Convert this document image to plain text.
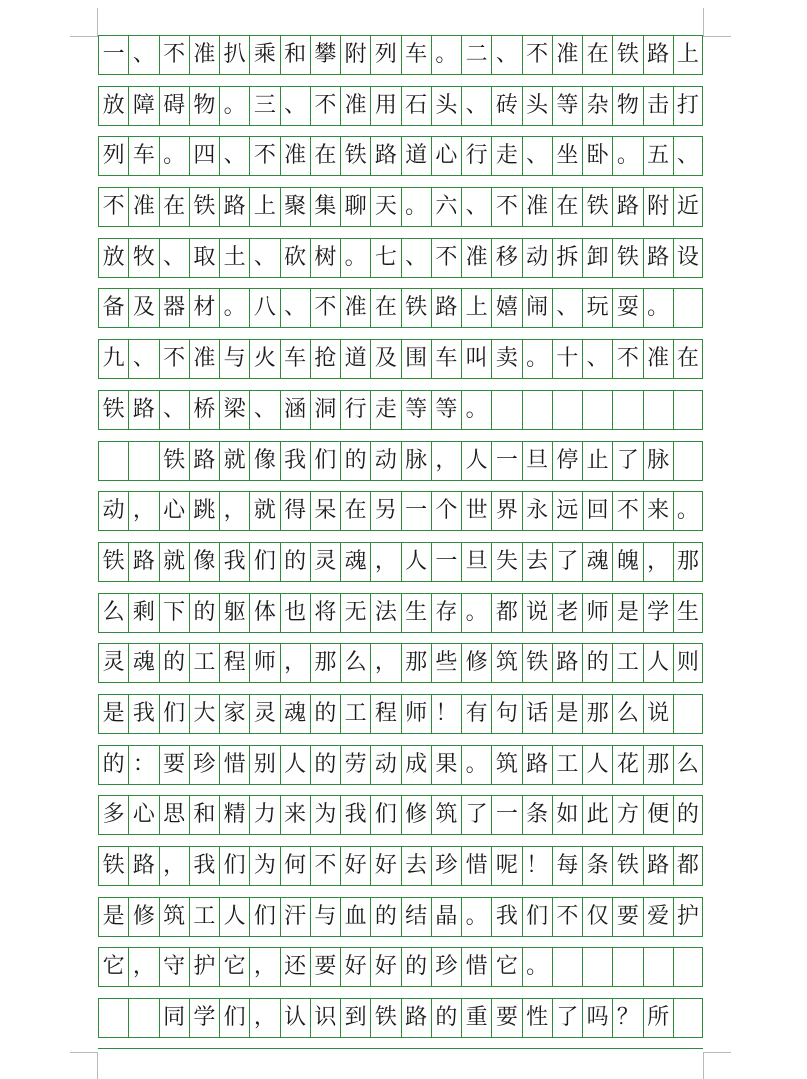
一 、 不 准 扒 乘 和 攀 附 列 车 。 二 、 不 准 在 铁 路 上
放 障 碍 物 。 三 、 不 准 用 石 头 、 砖 头 等 杂 物 击 打
列 车 。 四 、 不 准 在 铁 路 道 心 行 走 、 坐 卧 。 五 、
不 准 在 铁 路 上 聚 集 聊 天 。 六 、 不 准 在 铁 路 附 近
放 牧 、 取 土 、 砍 树 。 七 、 不 准 移 动 拆 卸 铁 路 设
备 及 器 材 。 八 、 不 准 在 铁 路 上 嬉 闹 、 玩 耍 。
九 、 不 准 与 火 车 抢 道 及 围 车 叫 卖 。 十 、 不 准 在
铁 路 、 桥 梁 、 涵 洞 行 走 等 等 。
铁 路 就 像 我 们 的 动 脉 ， 人 一 旦 停 止 了 脉
动 ， 心 跳 ， 就 得 呆 在 另 一 个 世 界 永 远 回 不 来 。
铁 路 就 像 我 们 的 灵 魂 ， 人 一 旦 失 去 了 魂 魄 ， 那
么 剩 下 的 躯 体 也 将 无 法 生 存 。 都 说 老 师 是 学 生
灵 魂 的 工 程 师 ， 那 么 ， 那 些 修 筑 铁 路 的 工 人 则
是 我 们 大 家 灵 魂 的 工 程 师 ！ 有 句 话 是 那 么 说
的 ： 要 珍 惜 别 人 的 劳 动 成 果 。 筑 路 工 人 花 那 么
多 心 思 和 精 力 来 为 我 们 修 筑 了 一 条 如 此 方 便 的
铁 路 ， 我 们 为 何 不 好 好 去 珍 惜 呢 ！ 每 条 铁 路 都
是 修 筑 工 人 们 汗 与 血 的 结 晶 。 我 们 不 仅 要 爱 护
它 ， 守 护 它 ， 还 要 好 好 的 珍 惜 它 。
同 学 们 ， 认 识 到 铁 路 的 重 要 性 了 吗 ？ 所
